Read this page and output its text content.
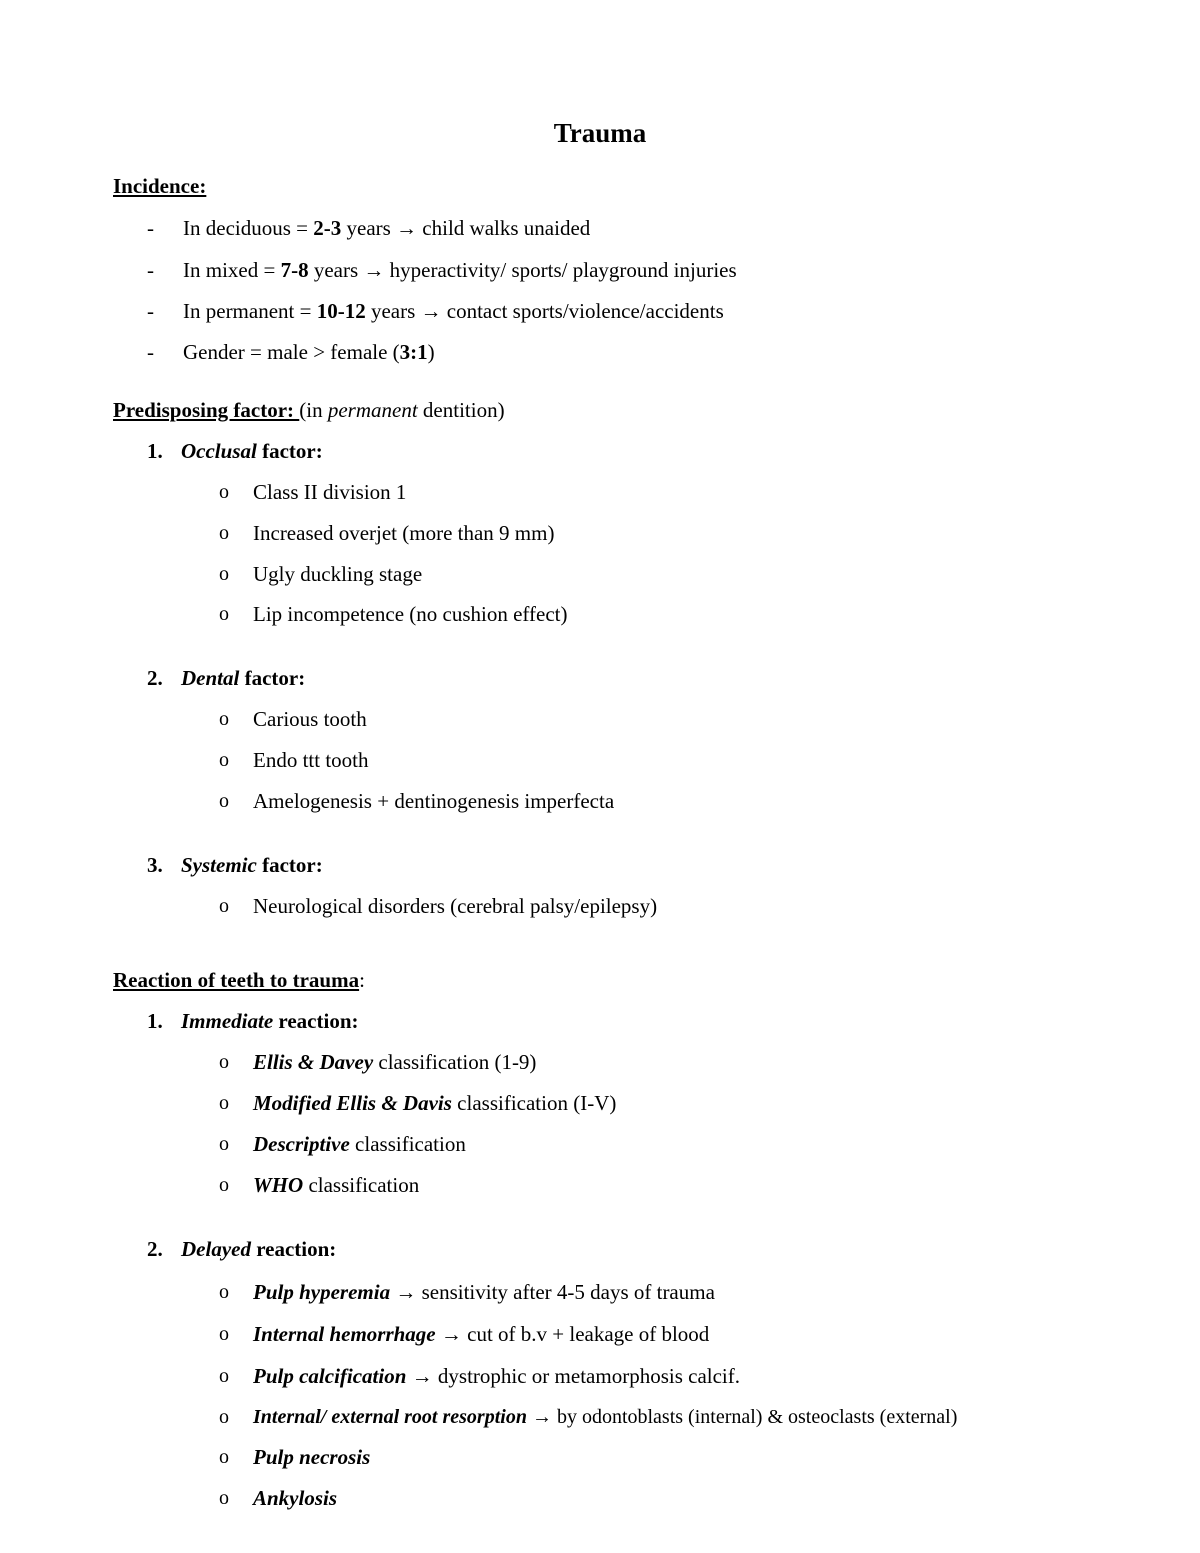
Trauma
Incidence:
- In deciduous = 2-3 years → child walks unaided
- In mixed = 7-8 years → hyperactivity/ sports/ playground injuries
- In permanent = 10-12 years → contact sports/violence/accidents
- Gender = male > female (3:1)
Predisposing factor: (in permanent dentition)
1. Occlusal factor:
o Class II division 1
o Increased overjet (more than 9 mm)
o Ugly duckling stage
o Lip incompetence (no cushion effect)
2. Dental factor:
o Carious tooth
o Endo ttt tooth
o Amelogenesis + dentinogenesis imperfecta
3. Systemic factor:
o Neurological disorders (cerebral palsy/epilepsy)
Reaction of teeth to trauma:
1. Immediate reaction:
o Ellis & Davey classification (1-9)
o Modified Ellis & Davis classification (I-V)
o Descriptive classification
o WHO classification
2. Delayed reaction:
o Pulp hyperemia → sensitivity after 4-5 days of trauma
o Internal hemorrhage → cut of b.v + leakage of blood
o Pulp calcification → dystrophic or metamorphosis calcif.
o Internal/ external root resorption → by odontoblasts (internal) & osteoclasts (external)
o Pulp necrosis
o Ankylosis
